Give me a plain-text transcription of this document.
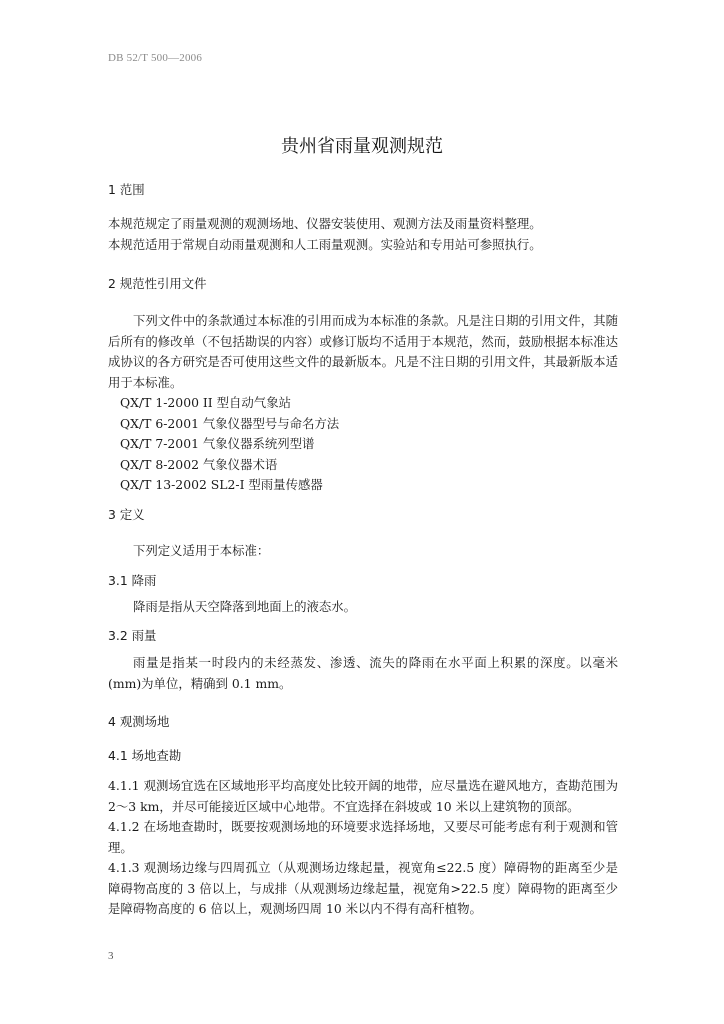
DB 52/T 500—2006
贵州省雨量观测规范
1 范围
本规范规定了雨量观测的观测场地、仪器安装使用、观测方法及雨量资料整理。
本规范适用于常规自动雨量观测和人工雨量观测。实验站和专用站可参照执行。
2 规范性引用文件
下列文件中的条款通过本标准的引用而成为本标准的条款。凡是注日期的引用文件，其随后所有的修改单（不包括勘误的内容）或修订版均不适用于本规范，然而，鼓励根据本标准达成协议的各方研究是否可使用这些文件的最新版本。凡是不注日期的引用文件，其最新版本适用于本标准。
QX/T 1-2000 II 型自动气象站
QX/T 6-2001 气象仪器型号与命名方法
QX/T 7-2001 气象仪器系统列型谱
QX/T 8-2002 气象仪器术语
QX/T 13-2002 SL2-I 型雨量传感器
3 定义
下列定义适用于本标准：
3.1 降雨
降雨是指从天空降落到地面上的液态水。
3.2 雨量
雨量是指某一时段内的未经蒸发、渗透、流失的降雨在水平面上积累的深度。以毫米(mm)为单位，精确到 0.1 mm。
4 观测场地
4.1 场地查勘
4.1.1 观测场宜选在区域地形平均高度处比较开阔的地带，应尽量选在避风地方，查勘范围为 2～3 km，并尽可能接近区域中心地带。不宜选择在斜坡或 10 米以上建筑物的顶部。
4.1.2 在场地查勘时，既要按观测场地的环境要求选择场地，又要尽可能考虑有利于观测和管理。
4.1.3 观测场边缘与四周孤立（从观测场边缘起量，视宽角≤22.5 度）障碍物的距离至少是障碍物高度的 3 倍以上，与成排（从观测场边缘起量，视宽角>22.5 度）障碍物的距离至少是障碍物高度的 6 倍以上，观测场四周 10 米以内不得有高秆植物。
3
